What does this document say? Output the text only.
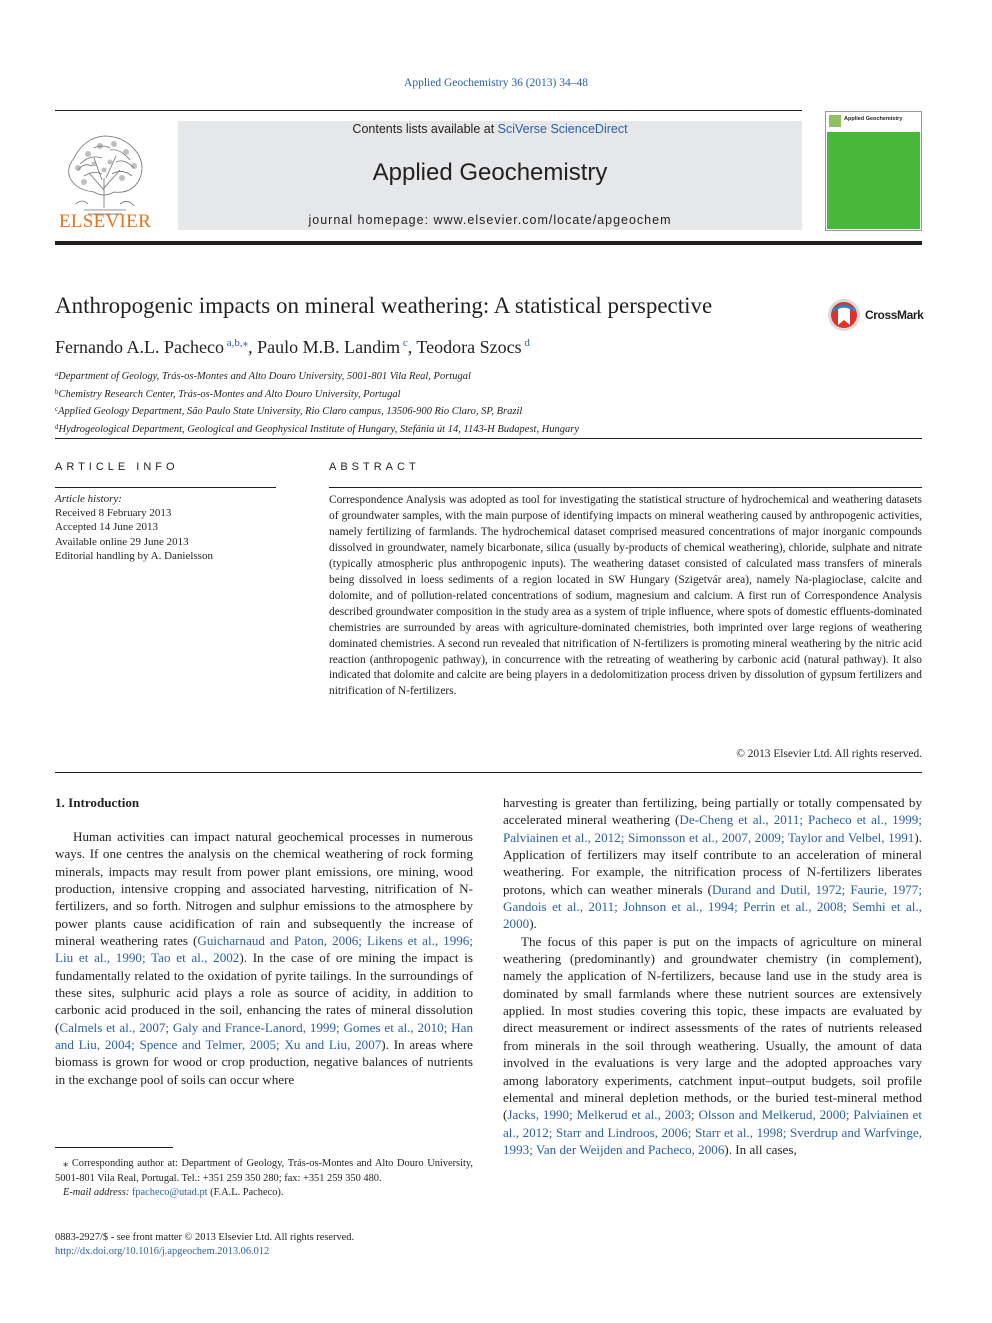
Applied Geochemistry 36 (2013) 34–48
ELSEVIER
Contents lists available at SciVerse ScienceDirect
Applied Geochemistry
journal homepage: www.elsevier.com/locate/apgeochem
Applied Geochemistry
Anthropogenic impacts on mineral weathering: A statistical perspective	CrossMark
Fernando A.L. Pacheco $^{a,b,⁎}$, Paulo M.B. Landim $^c$, Teodora Szocs $^d$
$^a$Department of Geology, Trás-os-Montes and Alto Douro University, 5001-801 Vila Real, Portugal
$^b$Chemistry Research Center, Trás-os-Montes and Alto Douro University, Portugal
$^c$Applied Geology Department, São Paulo State University, Rio Claro campus, 13506-900 Rio Claro, SP, Brazil
$^d$Hydrogeological Department, Geological and Geophysical Institute of Hungary, Stefánia út 14, 1143-H Budapest, Hungary
ARTICLE INFO
Article history:
Received 8 February 2013
Accepted 14 June 2013
Available online 29 June 2013
Editorial handling by A. Danielsson
ABSTRACT
Correspondence Analysis was adopted as tool for investigating the statistical structure of hydrochemical and weathering datasets of groundwater samples, with the main purpose of identifying impacts on mineral weathering caused by anthropogenic activities, namely fertilizing of farmlands. The hydrochemical dataset comprised measured concentrations of major inorganic compounds dissolved in groundwater, namely bicarbonate, silica (usually by-products of chemical weathering), chloride, sulphate and nitrate (typically atmospheric plus anthropogenic inputs). The weathering dataset consisted of calculated mass transfers of minerals being dissolved in loess sediments of a region located in SW Hungary (Szigetvár area), namely Na-plagioclase, calcite and dolomite, and of pollution-related concentrations of sodium, magnesium and calcium. A first run of Correspondence Analysis described groundwater composition in the study area as a system of triple influence, where spots of domestic effluents-dominated chemistries are surrounded by areas with agriculture-dominated chemistries, both imprinted over large regions of weathering dominated chemistries. A second run revealed that nitrification of N-fertilizers is promoting mineral weathering by the nitric acid reaction (anthropogenic pathway), in concurrence with the retreating of weathering by carbonic acid (natural pathway). It also indicated that dolomite and calcite are being players in a dedolomitization process driven by dissolution of gypsum fertilizers and nitrification of N-fertilizers.
© 2013 Elsevier Ltd. All rights reserved.
1. Introduction

Human activities can impact natural geochemical processes in numerous ways. If one centres the analysis on the chemical weathering of rock forming minerals, impacts may result from power plant emissions, ore mining, wood production, intensive cropping and associated harvesting, nitrification of N-fertilizers, and so forth. Nitrogen and sulphur emissions to the atmosphere by power plants cause acidification of rain and subsequently the increase of mineral weathering rates (Guicharnaud and Paton, 2006; Likens et al., 1996; Liu et al., 1990; Tao et al., 2002). In the case of ore mining the impact is fundamentally related to the oxidation of pyrite tailings. In the surroundings of these sites, sulphuric acid plays a role as source of acidity, in addition to carbonic acid produced in the soil, enhancing the rates of mineral dissolution (Calmels et al., 2007; Galy and France-Lanord, 1999; Gomes et al., 2010; Han and Liu, 2004; Spence and Telmer, 2005; Xu and Liu, 2007). In areas where biomass is grown for wood or crop production, negative balances of nutrients in the exchange pool of soils can occur where

harvesting is greater than fertilizing, being partially or totally compensated by accelerated mineral weathering (De-Cheng et al., 2011; Pacheco et al., 1999; Palviainen et al., 2012; Simonsson et al., 2007, 2009; Taylor and Velbel, 1991). Application of fertilizers may itself contribute to an acceleration of mineral weathering. For example, the nitrification process of N-fertilizers liberates protons, which can weather minerals (Durand and Dutil, 1972; Faurie, 1977; Gandois et al., 2011; Johnson et al., 1994; Perrin et al., 2008; Semhi et al., 2000).

The focus of this paper is put on the impacts of agriculture on mineral weathering (predominantly) and groundwater chemistry (in complement), namely the application of N-fertilizers, because land use in the study area is dominated by small farmlands where these nutrient sources are extensively applied. In most studies covering this topic, these impacts are evaluated by direct measurement or indirect assessments of the rates of nutrients released from minerals in the soil through weathering. Usually, the amount of data involved in the evaluations is very large and the adopted approaches vary among laboratory experiments, catchment input–output budgets, soil profile elemental and mineral depletion methods, or the buried test-mineral method (Jacks, 1990; Melkerud et al., 2003; Olsson and Melkerud, 2000; Palviainen et al., 2012; Starr and Lindroos, 2006; Starr et al., 1998; Sverdrup and Warfvinge, 1993; Van der Weijden and Pacheco, 2006). In all cases,

⁎ Corresponding author at: Department of Geology, Trás-os-Montes and Alto Douro University, 5001-801 Vila Real, Portugal. Tel.: +351 259 350 280; fax: +351 259 350 480.
E-mail address: fpacheco@utad.pt (F.A.L. Pacheco).
0883-2927/$ - see front matter © 2013 Elsevier Ltd. All rights reserved.
http://dx.doi.org/10.1016/j.apgeochem.2013.06.012
